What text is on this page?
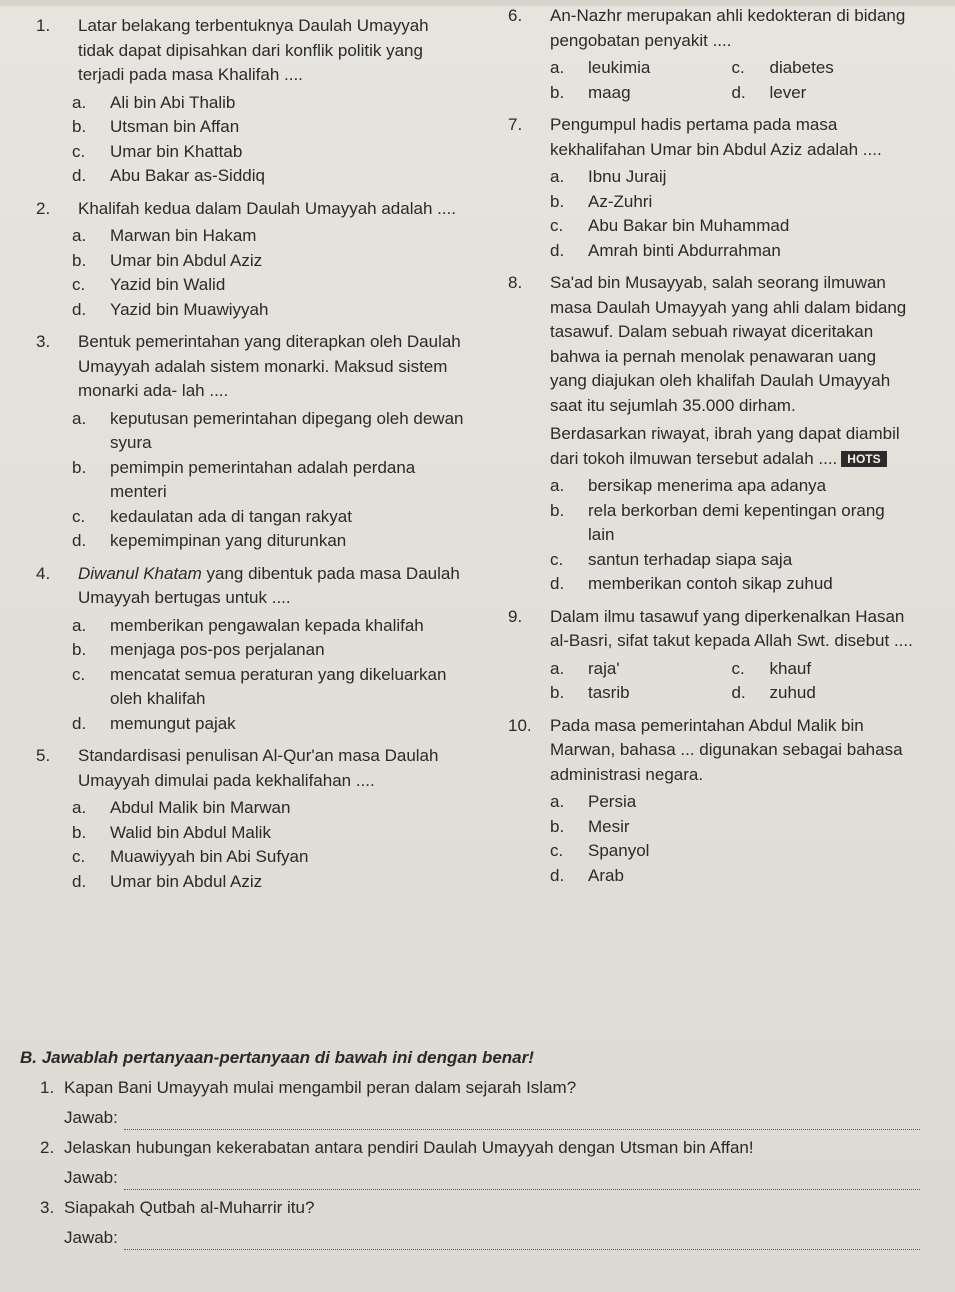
1. Latar belakang terbentuknya Daulah Umayyah tidak dapat dipisahkan dari konflik politik yang terjadi pada masa Khalifah ....
a. Ali bin Abi Thalib
b. Utsman bin Affan
c. Umar bin Khattab
d. Abu Bakar as-Siddiq
2. Khalifah kedua dalam Daulah Umayyah adalah ....
a. Marwan bin Hakam
b. Umar bin Abdul Aziz
c. Yazid bin Walid
d. Yazid bin Muawiyyah
3. Bentuk pemerintahan yang diterapkan oleh Daulah Umayyah adalah sistem monarki. Maksud sistem monarki ada- lah ....
a. keputusan pemerintahan dipegang oleh dewan syura
b. pemimpin pemerintahan adalah perdana menteri
c. kedaulatan ada di tangan rakyat
d. kepemimpinan yang diturunkan
4. Diwanul Khatam yang dibentuk pada masa Daulah Umayyah bertugas untuk ....
a. memberikan pengawalan kepada khalifah
b. menjaga pos-pos perjalanan
c. mencatat semua peraturan yang dikeluarkan oleh khalifah
d. memungut pajak
5. Standardisasi penulisan Al-Qur'an masa Daulah Umayyah dimulai pada kekhalifahan ....
a. Abdul Malik bin Marwan
b. Walid bin Abdul Malik
c. Muawiyyah bin Abi Sufyan
d. Umar bin Abdul Aziz
6. An-Nazhr merupakan ahli kedokteran di bidang pengobatan penyakit ....
a. leukimia	c. diabetes
b. maag	d. lever
7. Pengumpul hadis pertama pada masa kekhalifahan Umar bin Abdul Aziz adalah ....
a. Ibnu Juraij
b. Az-Zuhri
c. Abu Bakar bin Muhammad
d. Amrah binti Abdurrahman
8. Sa'ad bin Musayyab, salah seorang ilmuwan masa Daulah Umayyah yang ahli dalam bidang tasawuf. Dalam sebuah riwayat diceritakan bahwa ia pernah menolak penawaran uang yang diajukan oleh khalifah Daulah Umayyah saat itu sejumlah 35.000 dirham.
Berdasarkan riwayat, ibrah yang dapat diambil dari tokoh ilmuwan tersebut adalah .... HOTS
a. bersikap menerima apa adanya
b. rela berkorban demi kepentingan orang lain
c. santun terhadap siapa saja
d. memberikan contoh sikap zuhud
9. Dalam ilmu tasawuf yang diperkenalkan Hasan al-Basri, sifat takut kepada Allah Swt. disebut ....
a. raja'	c. khauf
b. tasrib	d. zuhud
10. Pada masa pemerintahan Abdul Malik bin Marwan, bahasa ... digunakan sebagai bahasa administrasi negara.
a. Persia
b. Mesir
c. Spanyol
d. Arab
B. Jawablah pertanyaan-pertanyaan di bawah ini dengan benar!
1. Kapan Bani Umayyah mulai mengambil peran dalam sejarah Islam?
Jawab:
2. Jelaskan hubungan kekerabatan antara pendiri Daulah Umayyah dengan Utsman bin Affan!
Jawab:
3. Siapakah Qutbah al-Muharrir itu?
Jawab:
